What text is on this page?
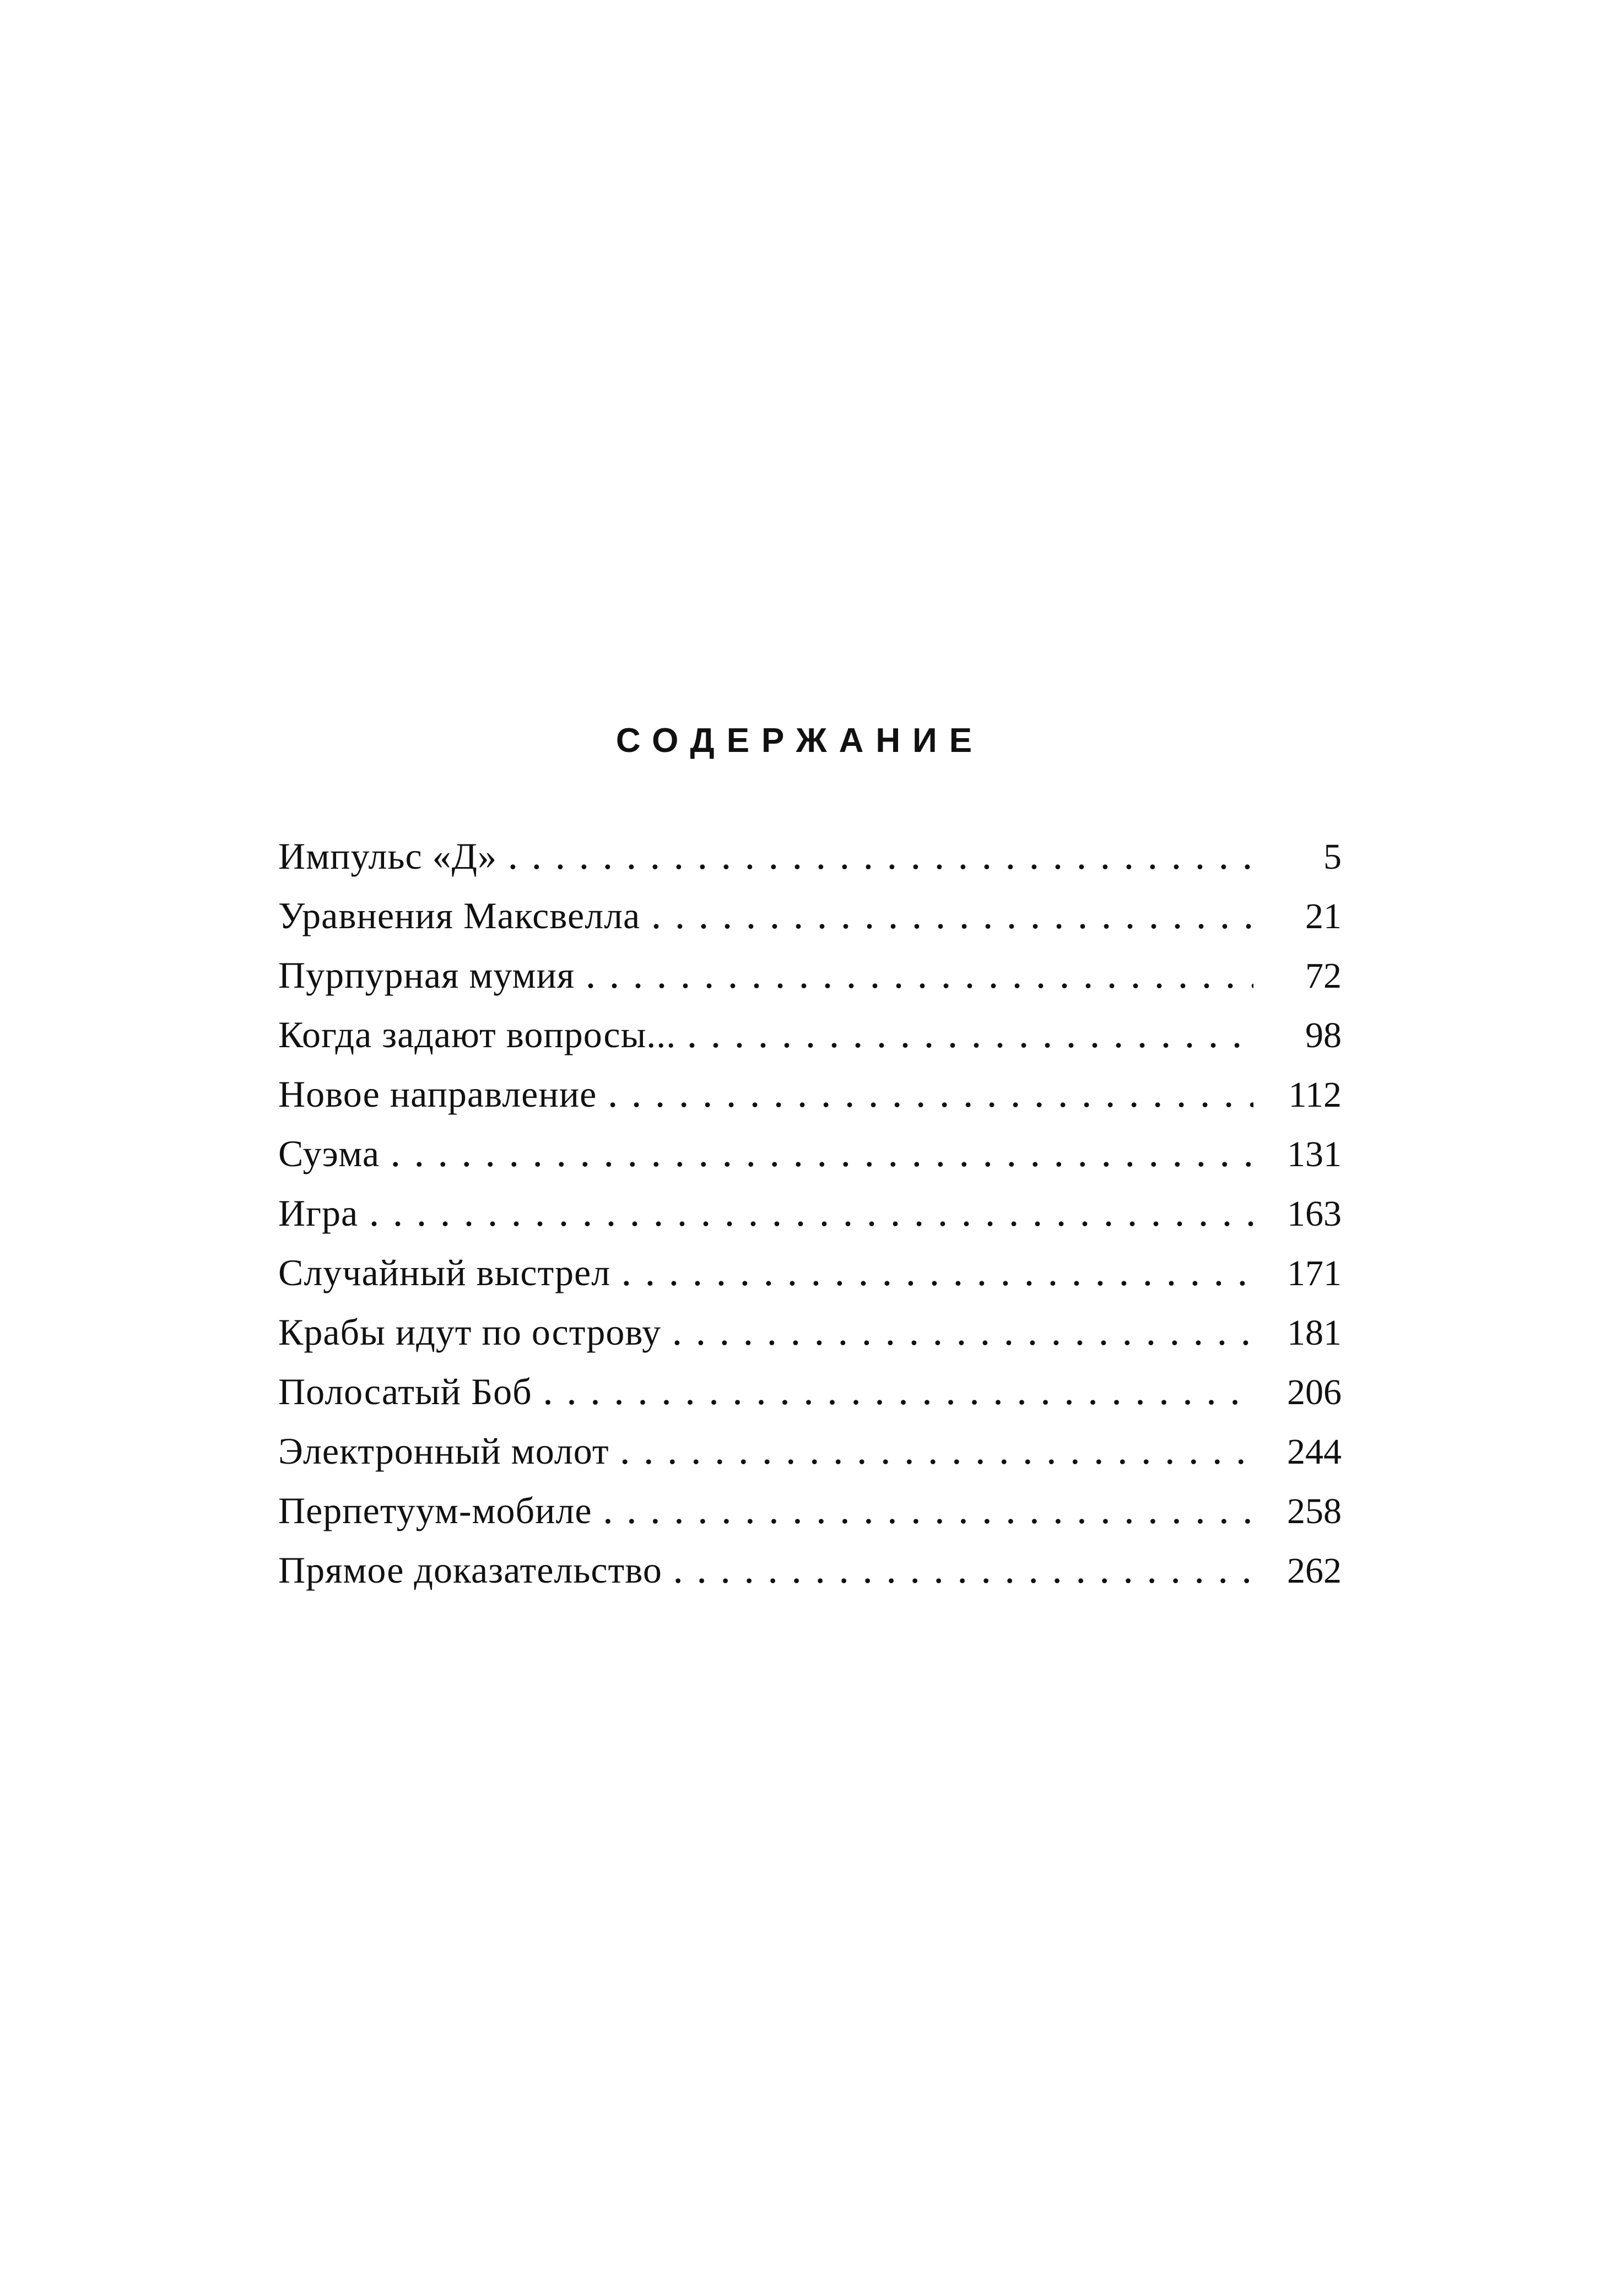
СОДЕРЖАНИЕ
Импульс «Д» . . .	5
Уравнения Максвелла . . .	21
Пурпурная мумия . . .	72
Когда задают вопросы... . . .	98
Новое направление . . .	112
Суэма . . .	131
Игра . . .	163
Случайный выстрел . . .	171
Крабы идут по острову . . .	181
Полосатый Боб . . .	206
Электронный молот . . .	244
Перпетуум-мобиле . . .	258
Прямое доказательство . . .	262
